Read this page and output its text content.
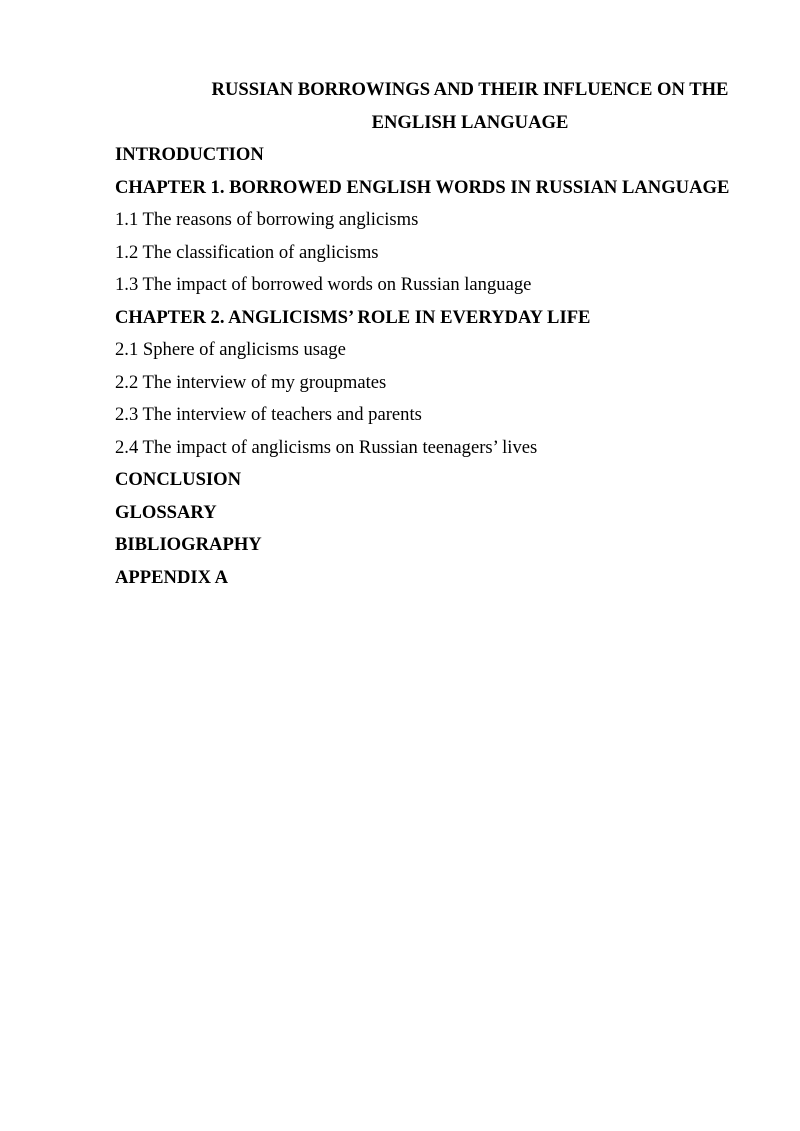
RUSSIAN BORROWINGS AND THEIR INFLUENCE ON THE
ENGLISH LANGUAGE
INTRODUCTION
CHAPTER 1. BORROWED ENGLISH WORDS IN RUSSIAN LANGUAGE
1.1 The reasons of borrowing anglicisms
1.2 The classification of anglicisms
1.3 The impact of borrowed words on Russian language
CHAPTER 2. ANGLICISMS’ ROLE IN EVERYDAY LIFE
2.1 Sphere of anglicisms usage
2.2 The interview of my groupmates
2.3 The interview of teachers and parents
2.4 The impact of anglicisms on Russian teenagers’ lives
CONCLUSION
GLOSSARY
BIBLIOGRAPHY
APPENDIX A
